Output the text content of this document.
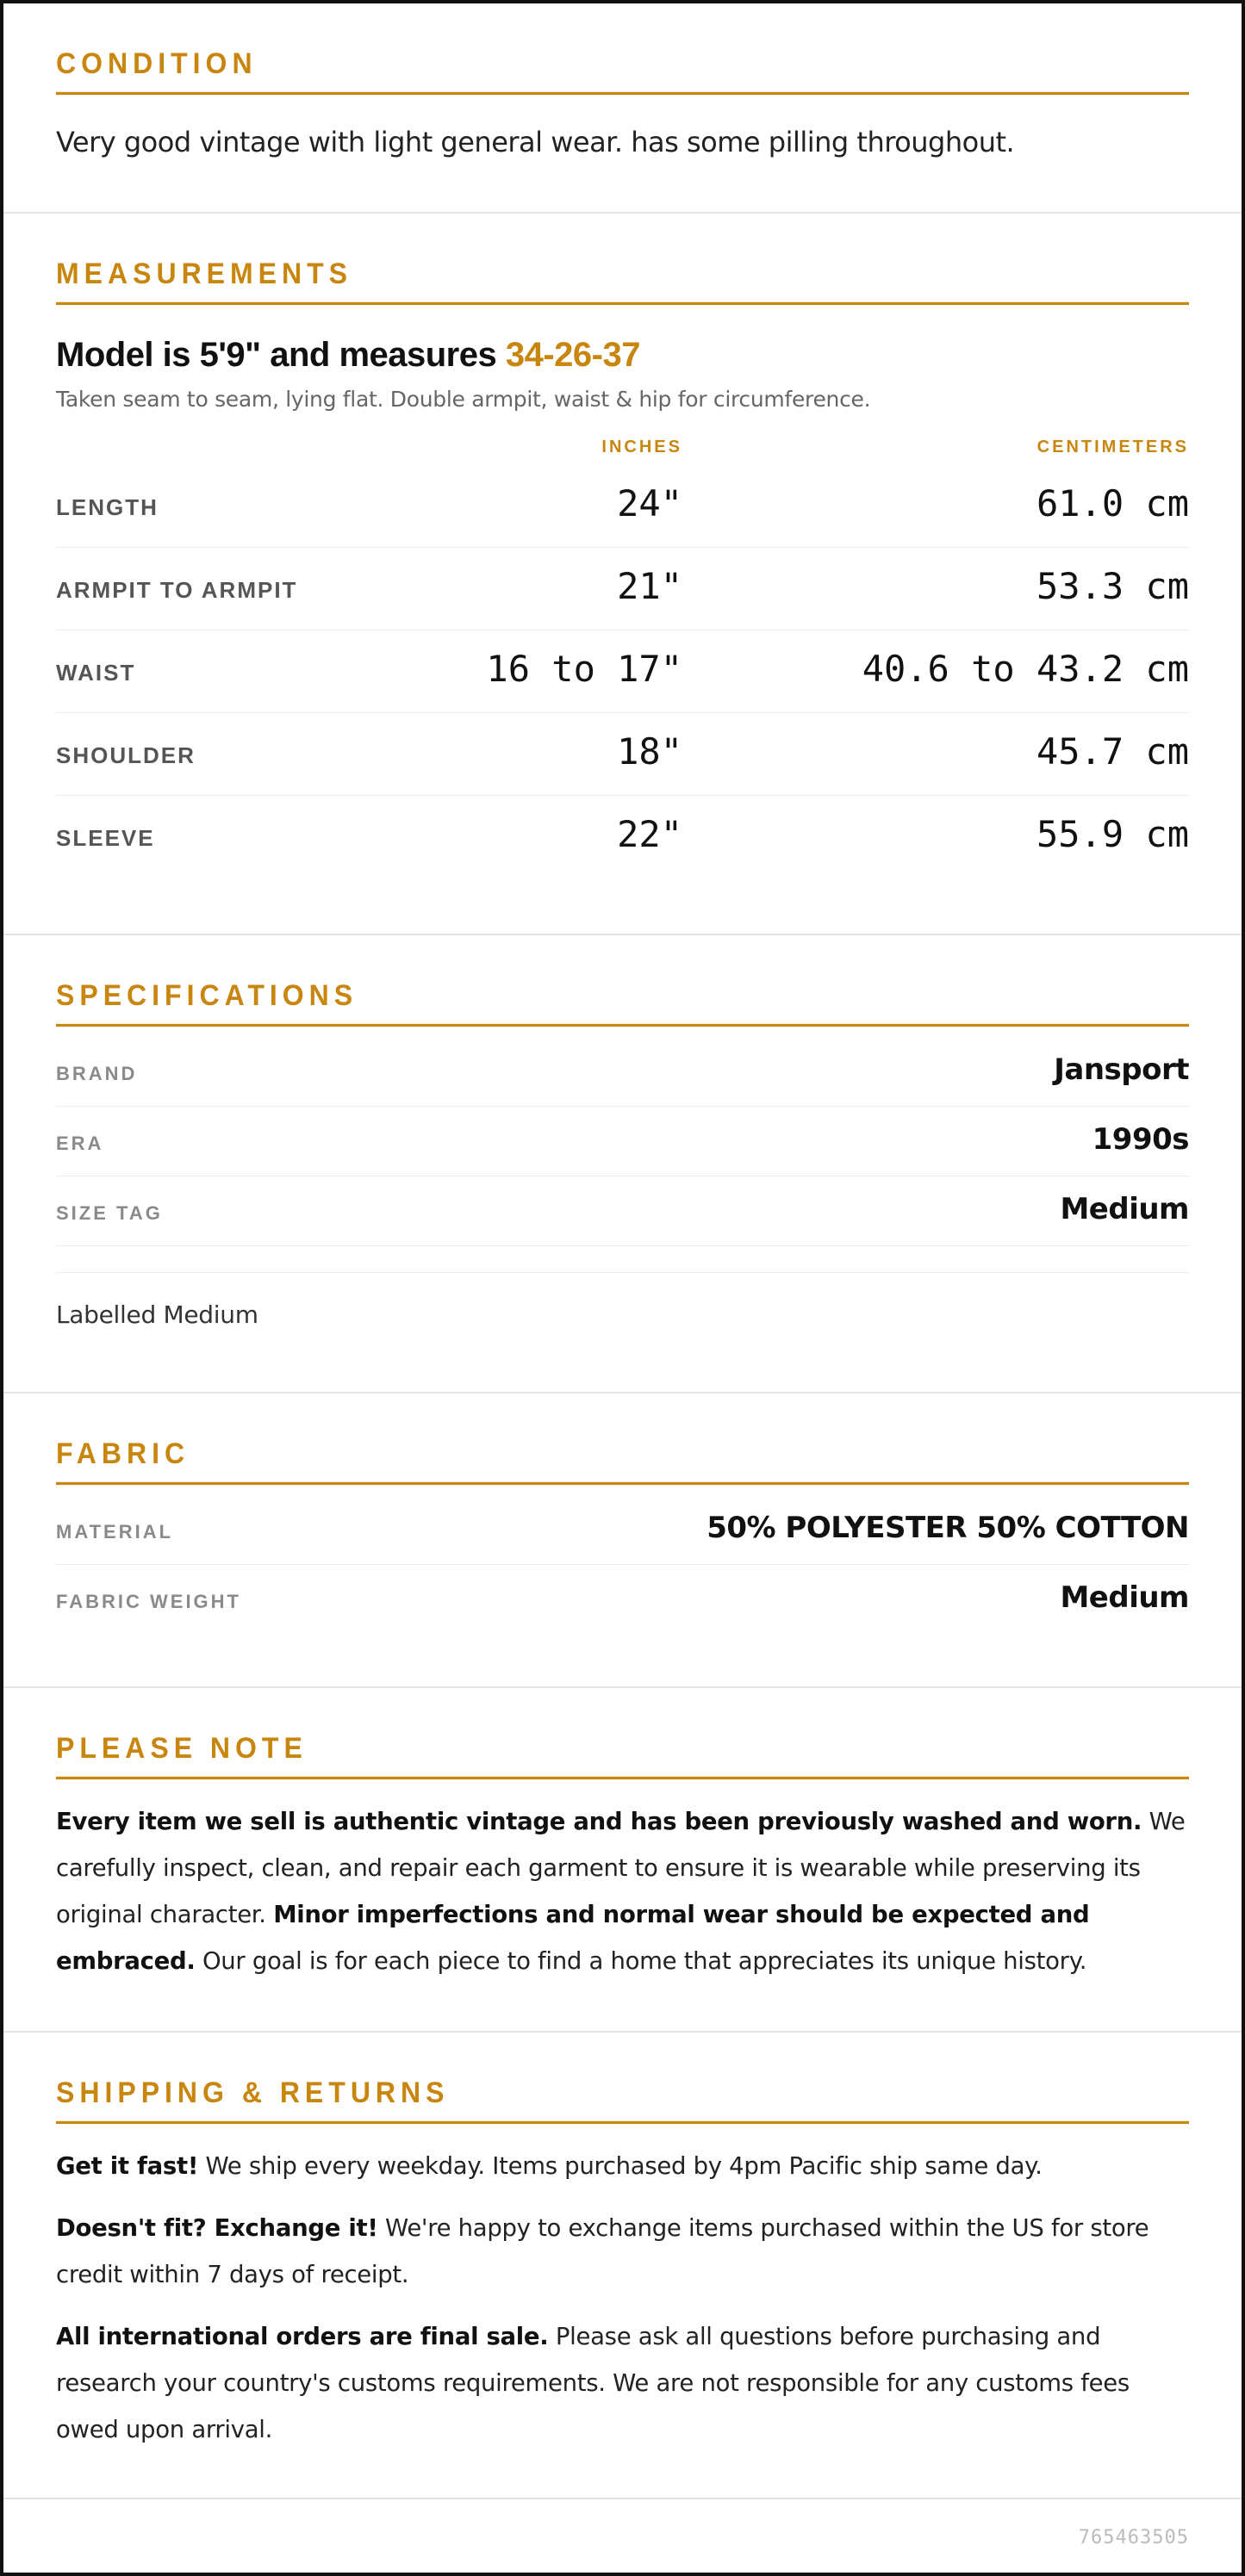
CONDITION
Very good vintage with light general wear. has some pilling throughout.
MEASUREMENTS
Model is 5'9" and measures 34-26-37
Taken seam to seam, lying flat. Double armpit, waist & hip for circumference.
INCHES	CENTIMETERS
LENGTH	24"	61.0 cm
ARMPIT TO ARMPIT	21"	53.3 cm
WAIST	16 to 17"	40.6 to 43.2 cm
SHOULDER	18"	45.7 cm
SLEEVE	22"	55.9 cm
SPECIFICATIONS
BRAND	Jansport
ERA	1990s
SIZE TAG	Medium
Labelled Medium
FABRIC
MATERIAL	50% POLYESTER 50% COTTON
FABRIC WEIGHT	Medium
PLEASE NOTE

Every item we sell is authentic vintage and has been previously washed and worn. We carefully inspect, clean, and repair each garment to ensure it is wearable while preserving its original character. Minor imperfections and normal wear should be expected and embraced. Our goal is for each piece to find a home that appreciates its unique history.

SHIPPING & RETURNS

Get it fast! We ship every weekday. Items purchased by 4pm Pacific ship same day.

Doesn't fit? Exchange it! We're happy to exchange items purchased within the US for store credit within 7 days of receipt.

All international orders are final sale. Please ask all questions before purchasing and research your country's customs requirements. We are not responsible for any customs fees owed upon arrival.

765463505
